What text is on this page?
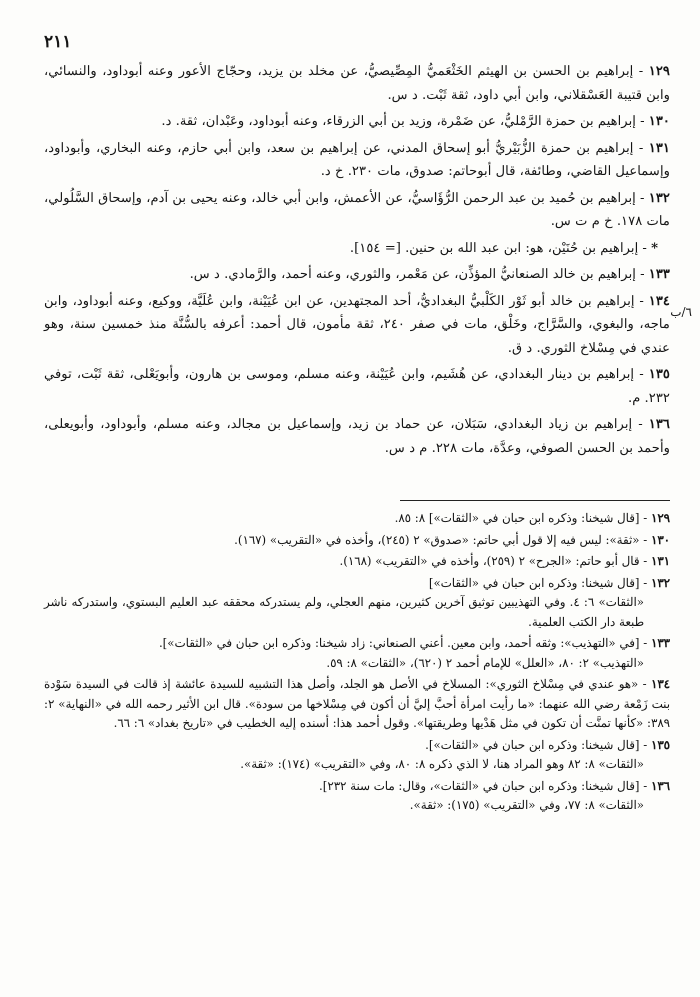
٢١١
٦/ب
١٢٩ - إبراهيم بن الحسن بن الهيثم الخَثْعَميُّ المِصِّيصيُّ، عن مخلد بن يزيد، وحجّاج الأعور وعنه أبوداود، والنسائي، وابن قتيبة العَسْقلاني، وابن أبي داود، ثقة ثَبْت. د س.
١٣٠ - إبراهيم بن حمزة الرَّمْليُّ، عن ضَمْرة، وزيد بن أبي الزرقاء، وعنه أبوداود، وعَبْدان، ثقة. د.
١٣١ - إبراهيم بن حمزة الزُّبَيْريُّ أبو إسحاق المدني، عن إبراهيم بن سعد، وابن أبي حازم، وعنه البخاري، وأبوداود، وإسماعيل القاضي، وطائفة، قال أبوحاتم: صدوق، مات ٢٣٠. خ د.
١٣٢ - إبراهيم بن حُميد بن عبد الرحمن الرُّؤَاسيُّ، عن الأعمش، وابن أبي خالد، وعنه يحيى بن آدم، وإسحاق السَّلُولي، مات ١٧٨. خ م ت س.
* - إبراهيم بن حُنَيْن، هو: ابن عبد الله بن حنين. [= ١٥٤].
١٣٣ - إبراهيم بن خالد الصنعانيُّ المؤذِّن، عن مَعْمر، والثوري، وعنه أحمد، والرَّمادي. د س.
١٣٤ - إبراهيم بن خالد أبو ثَوْر الكَلْبيُّ البغداديُّ، أحد المجتهدين، عن ابن عُيَيْنة، وابن عُلَيَّة، ووكيع، وعنه أبوداود، وابن ماجه، والبغوي، والسَّرَّاج، وخَلْق، مات في صفر ٢٤٠، ثقة مأمون، قال أحمد: أعرفه بالسُّنَّة منذ خمسين سنة، وهو عندي في مِسْلاخ الثوري. د ق.
١٣٥ - إبراهيم بن دينار البغدادي، عن هُشَيم، وابن عُيَيْنة، وعنه مسلم، وموسى بن هارون، وأبويَعْلى، ثقة ثَبْت، توفي ٢٣٢. م.
١٣٦ - إبراهيم بن زياد البغدادي، سَبَلان، عن حماد بن زيد، وإسماعيل بن مجالد، وعنه مسلم، وأبوداود، وأبويعلى، وأحمد بن الحسن الصوفي، وعدَّة، مات ٢٢٨. م د س.
١٢٩ - [قال شيخنا: وذكره ابن حبان في «الثقات»] ٨: ٨٥.
١٣٠ - «ثقة»: ليس فيه إلا قول أبي حاتم: «صدوق» ٢ (٢٤٥)، وأخذه في «التقريب» (١٦٧).
١٣١ - قال أبو حاتم: «الجرح» ٢ (٢٥٩)، وأخذه في «التقريب» (١٦٨).
١٣٢ - [قال شيخنا: وذكره ابن حبان في «الثقات»]
«الثقات» ٦: ٤. وفي التهذيبين توثيق آخرين كثيرين، منهم العجلي، ولم يستدركه محققه عبد العليم البستوي، واستدركه ناشر طبعة دار الكتب العلمية.
١٣٣ - [في «التهذيب»: وثقه أحمد، وابن معين. أعني الصنعاني: زاد شيخنا: وذكره ابن حبان في «الثقات»].
«التهذيب» ٢: ٨٠، «العلل» للإمام أحمد ٢ (٦٢٠)، «الثقات» ٨: ٥٩.
١٣٤ - «هو عندي في مِسْلاخ الثوري»: المسلاخ في الأصل هو الجلد، وأصل هذا التشبيه للسيدة عائشة إذ قالت في السيدة سَوْدة بنت زَمْعة رضي الله عنهما: «ما رأيت امرأة أحبَّ إليَّ أن أكون في مِسْلاخها من سودة». قال ابن الأثير رحمه الله في «النهاية» ٢: ٣٨٩: «كأنها تمنَّت أن تكون في مثل هَدْيها وطريقتها». وقول أحمد هذا: أسنده إليه الخطيب في «تاريخ بغداد» ٦: ٦٦.
١٣٥ - [قال شيخنا: وذكره ابن حبان في «الثقات»].
«الثقات» ٨: ٨٢ وهو المراد هنا، لا الذي ذكره ٨: ٨٠، وفي «التقريب» (١٧٤): «ثقة».
١٣٦ - [قال شيخنا: وذكره ابن حبان في «الثقات»، وقال: مات سنة ٢٣٢].
«الثقات» ٨: ٧٧، وفي «التقريب» (١٧٥): «ثقة».
